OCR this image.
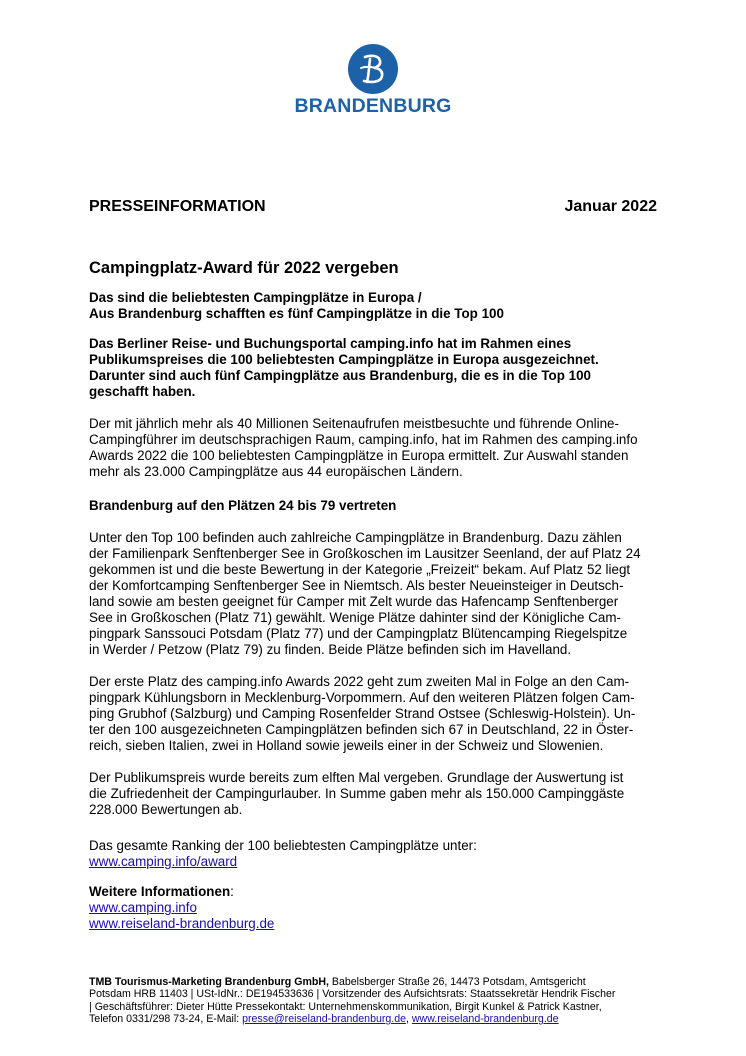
BRANDENBURG
PRESSEINFORMATION	Januar 2022
Campingplatz-Award für 2022 vergeben
Das sind die beliebtesten Campingplätze in Europa /
Aus Brandenburg schafften es fünf Campingplätze in die Top 100
Das Berliner Reise- und Buchungsportal camping.info hat im Rahmen eines
Publikumspreises die 100 beliebtesten Campingplätze in Europa ausgezeichnet.
Darunter sind auch fünf Campingplätze aus Brandenburg, die es in die Top 100
geschafft haben.
Der mit jährlich mehr als 40 Millionen Seitenaufrufen meistbesuchte und führende Online-
Campingführer im deutschsprachigen Raum, camping.info, hat im Rahmen des camping.info
Awards 2022 die 100 beliebtesten Campingplätze in Europa ermittelt. Zur Auswahl standen
mehr als 23.000 Campingplätze aus 44 europäischen Ländern.
Brandenburg auf den Plätzen 24 bis 79 vertreten
Unter den Top 100 befinden auch zahlreiche Campingplätze in Brandenburg. Dazu zählen
der Familienpark Senftenberger See in Großkoschen im Lausitzer Seenland, der auf Platz 24
gekommen ist und die beste Bewertung in der Kategorie „Freizeit“ bekam. Auf Platz 52 liegt
der Komfortcamping Senftenberger See in Niemtsch. Als bester Neueinsteiger in Deutsch-
land sowie am besten geeignet für Camper mit Zelt wurde das Hafencamp Senftenberger
See in Großkoschen (Platz 71) gewählt. Wenige Plätze dahinter sind der Königliche Cam-
pingpark Sanssouci Potsdam (Platz 77) und der Campingplatz Blütencamping Riegelspitze
in Werder / Petzow (Platz 79) zu finden. Beide Plätze befinden sich im Havelland.
Der erste Platz des camping.info Awards 2022 geht zum zweiten Mal in Folge an den Cam-
pingpark Kühlungsborn in Mecklenburg-Vorpommern. Auf den weiteren Plätzen folgen Cam-
ping Grubhof (Salzburg) und Camping Rosenfelder Strand Ostsee (Schleswig-Holstein). Un-
ter den 100 ausgezeichneten Campingplätzen befinden sich 67 in Deutschland, 22 in Öster-
reich, sieben Italien, zwei in Holland sowie jeweils einer in der Schweiz und Slowenien.
Der Publikumspreis wurde bereits zum elften Mal vergeben. Grundlage der Auswertung ist
die Zufriedenheit der Campingurlauber. In Summe gaben mehr als 150.000 Campinggäste
228.000 Bewertungen ab.
Das gesamte Ranking der 100 beliebtesten Campingplätze unter:
www.camping.info/award
Weitere Informationen:
www.camping.info
www.reiseland-brandenburg.de
TMB Tourismus-Marketing Brandenburg GmbH, Babelsberger Straße 26, 14473 Potsdam, Amtsgericht
Potsdam HRB 11403 | USt-IdNr.: DE194533636 | Vorsitzender des Aufsichtsrats: Staatssekretär Hendrik Fischer
| Geschäftsführer: Dieter Hütte Pressekontakt: Unternehmenskommunikation, Birgit Kunkel & Patrick Kastner,
Telefon 0331/298 73-24, E-Mail: presse@reiseland-brandenburg.de, www.reiseland-brandenburg.de
